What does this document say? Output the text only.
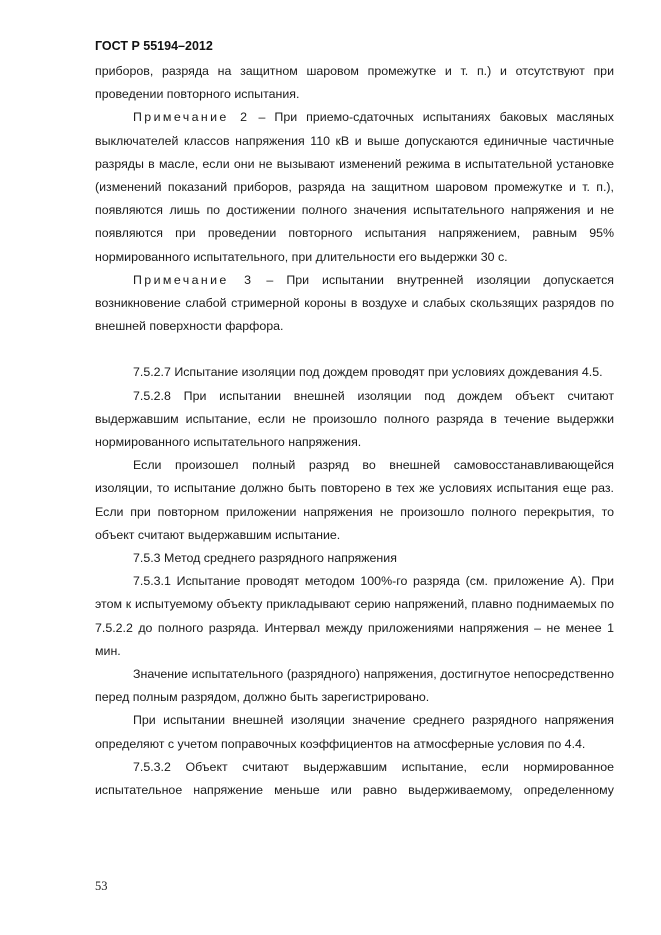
ГОСТ Р 55194–2012

приборов, разряда на защитном шаровом промежутке и т. п.) и отсутствуют при проведении повторного испытания.

Примечание 2 – При приемо-сдаточных испытаниях баковых масляных выключателей классов напряжения 110 кВ и выше допускаются единичные частичные разряды в масле, если они не вызывают изменений режима в испытательной установке (изменений показаний приборов, разряда на защитном шаровом промежутке и т. п.), появляются лишь по достижении полного значения испытательного напряжения и не появляются при проведении повторного испытания напряжением, равным 95% нормированного испытательного, при длительности его выдержки 30 с.

Примечание 3 – При испытании внутренней изоляции допускается возникновение слабой стримерной короны в воздухе и слабых скользящих разрядов по внешней поверхности фарфора.

7.5.2.7 Испытание изоляции под дождем проводят при условиях дождевания 4.5.

7.5.2.8 При испытании внешней изоляции под дождем объект считают выдержавшим испытание, если не произошло полного разряда в течение выдержки нормированного испытательного напряжения.

Если произошел полный разряд во внешней самовосстанавливающейся изоляции, то испытание должно быть повторено в тех же условиях испытания еще раз. Если при повторном приложении напряжения не произошло полного перекрытия, то объект считают выдержавшим испытание.

7.5.3 Метод среднего разрядного напряжения

7.5.3.1 Испытание проводят методом 100%-го разряда (см. приложение А). При этом к испытуемому объекту прикладывают серию напряжений, плавно поднимаемых по 7.5.2.2 до полного разряда. Интервал между приложениями напряжения – не менее 1 мин.

Значение испытательного (разрядного) напряжения, достигнутое непосредственно перед полным разрядом, должно быть зарегистрировано.

При испытании внешней изоляции значение среднего разрядного напряжения определяют с учетом поправочных коэффициентов на атмосферные условия по 4.4.

7.5.3.2 Объект считают выдержавшим испытание, если нормированное испытательное напряжение меньше или равно выдерживаемому, определенному

53
